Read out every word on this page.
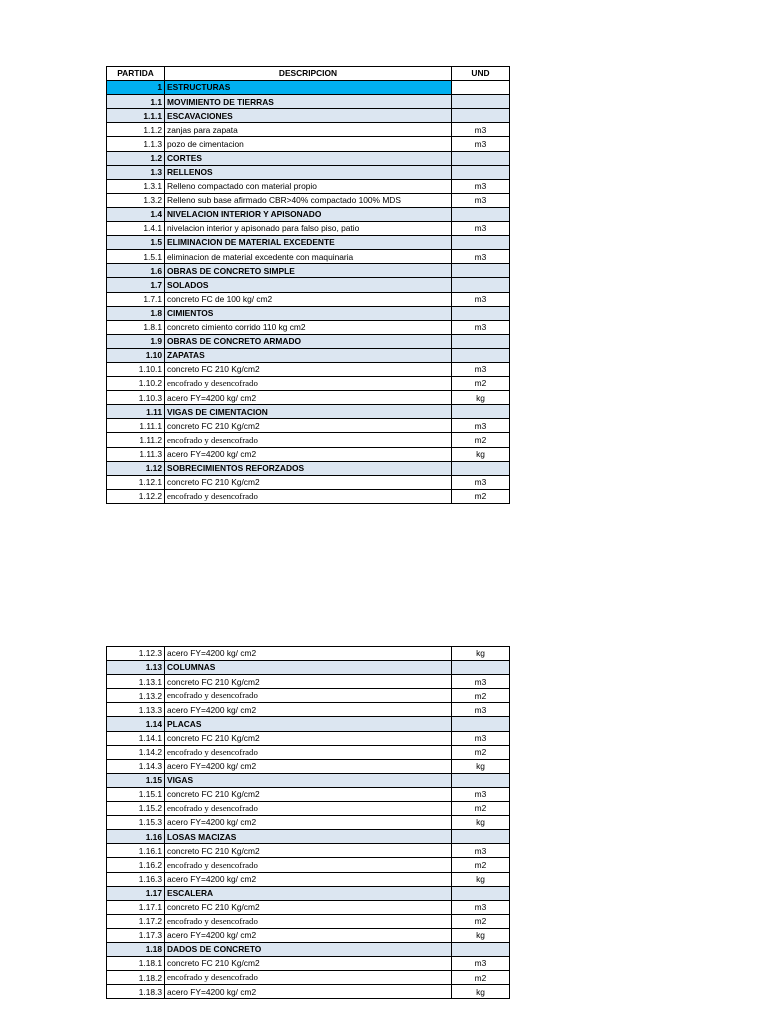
PARTIDA	DESCRIPCION	UND
1	ESTRUCTURAS	
1.1	MOVIMIENTO DE TIERRAS	
1.1.1	ESCAVACIONES	
1.1.2	zanjas para zapata	m3
1.1.3	pozo de cimentacion	m3
1.2	CORTES	
1.3	RELLENOS	
1.3.1	Relleno compactado con material propio	m3
1.3.2	Relleno sub base afirmado CBR>40% compactado 100% MDS	m3
1.4	NIVELACION INTERIOR Y APISONADO	
1.4.1	nivelacion interior y apisonado para falso piso, patio	m3
1.5	ELIMINACION DE MATERIAL EXCEDENTE	
1.5.1	eliminacion de material excedente con maquinaria	m3
1.6	OBRAS DE CONCRETO SIMPLE	
1.7	SOLADOS	
1.7.1	concreto FC de 100 kg/ cm2	m3
1.8	CIMIENTOS	
1.8.1	concreto cimiento corrido 110 kg cm2	m3
1.9	OBRAS DE CONCRETO ARMADO	
1.10	ZAPATAS	
1.10.1	concreto FC 210 Kg/cm2	m3
1.10.2	encofrado y desencofrado	m2
1.10.3	acero FY=4200 kg/ cm2	kg
1.11	VIGAS DE CIMENTACION	
1.11.1	concreto FC 210 Kg/cm2	m3
1.11.2	encofrado y desencofrado	m2
1.11.3	acero FY=4200 kg/ cm2	kg
1.12	SOBRECIMIENTOS REFORZADOS	
1.12.1	concreto FC 210 Kg/cm2	m3
1.12.2	encofrado y desencofrado	m2
1.12.3	acero FY=4200 kg/ cm2	kg
1.13	COLUMNAS	
1.13.1	concreto FC 210 Kg/cm2	m3
1.13.2	encofrado y desencofrado	m2
1.13.3	acero FY=4200 kg/ cm2	m3
1.14	PLACAS	
1.14.1	concreto FC 210 Kg/cm2	m3
1.14.2	encofrado y desencofrado	m2
1.14.3	acero FY=4200 kg/ cm2	kg
1.15	VIGAS	
1.15.1	concreto FC 210 Kg/cm2	m3
1.15.2	encofrado y desencofrado	m2
1.15.3	acero FY=4200 kg/ cm2	kg
1.16	LOSAS MACIZAS	
1.16.1	concreto FC 210 Kg/cm2	m3
1.16.2	encofrado y desencofrado	m2
1.16.3	acero FY=4200 kg/ cm2	kg
1.17	ESCALERA	
1.17.1	concreto FC 210 Kg/cm2	m3
1.17.2	encofrado y desencofrado	m2
1.17.3	acero FY=4200 kg/ cm2	kg
1.18	DADOS DE CONCRETO	
1.18.1	concreto FC 210 Kg/cm2	m3
1.18.2	encofrado y desencofrado	m2
1.18.3	acero FY=4200 kg/ cm2	kg
